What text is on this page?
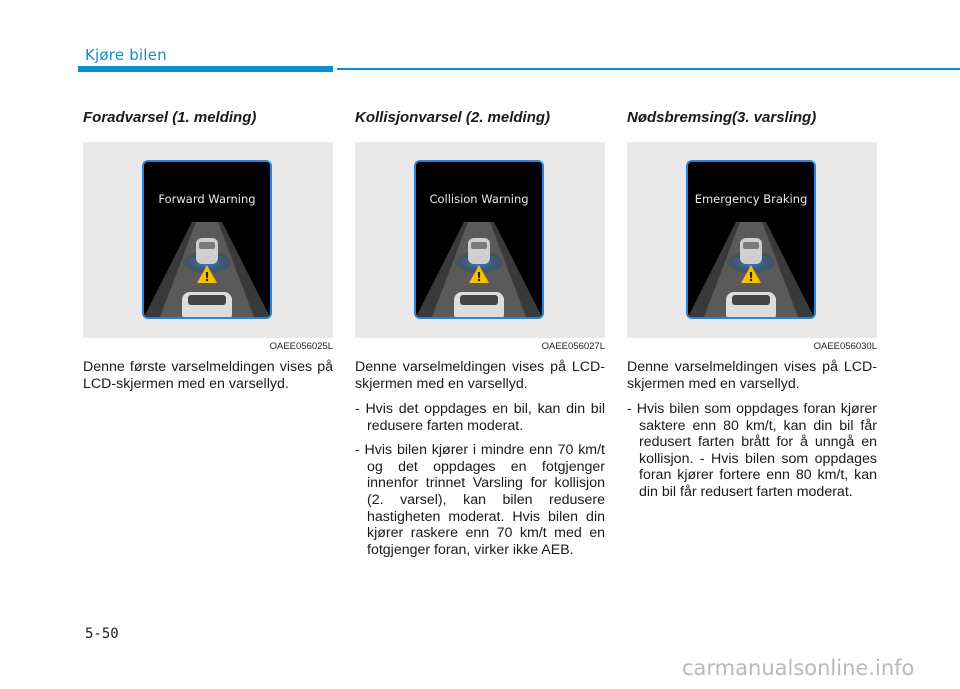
Kjøre bilen
Foradvarsel (1. melding)
!
Forward Warning
OAEE056025L

Denne første varselmeldingen vises på LCD-skjermen med en varsellyd.

Kollisjonvarsel (2. melding)
!
Collision Warning
OAEE056027L

Denne varselmeldingen vises på LCD-skjermen med en varsellyd.

- Hvis det oppdages en bil, kan din bil redusere farten moderat.

- Hvis bilen kjører i mindre enn 70 km/t og det oppdages en fotgjenger innenfor trinnet Varsling for kollisjon (2. varsel), kan bilen redusere hastigheten moderat. Hvis bilen din kjører raskere enn 70 km/t med en fotgjenger foran, virker ikke AEB.

Nødsbremsing(3. varsling)
!
Emergency Braking
OAEE056030L

Denne varselmeldingen vises på LCD-skjermen med en varsellyd.

- Hvis bilen som oppdages foran kjører saktere enn 80 km/t, kan din bil får redusert farten brått for å unngå en kollisjon. - Hvis bilen som oppdages foran kjører fortere enn 80 km/t, kan din bil får redusert farten moderat.

5-50
carmanualsonline.info
